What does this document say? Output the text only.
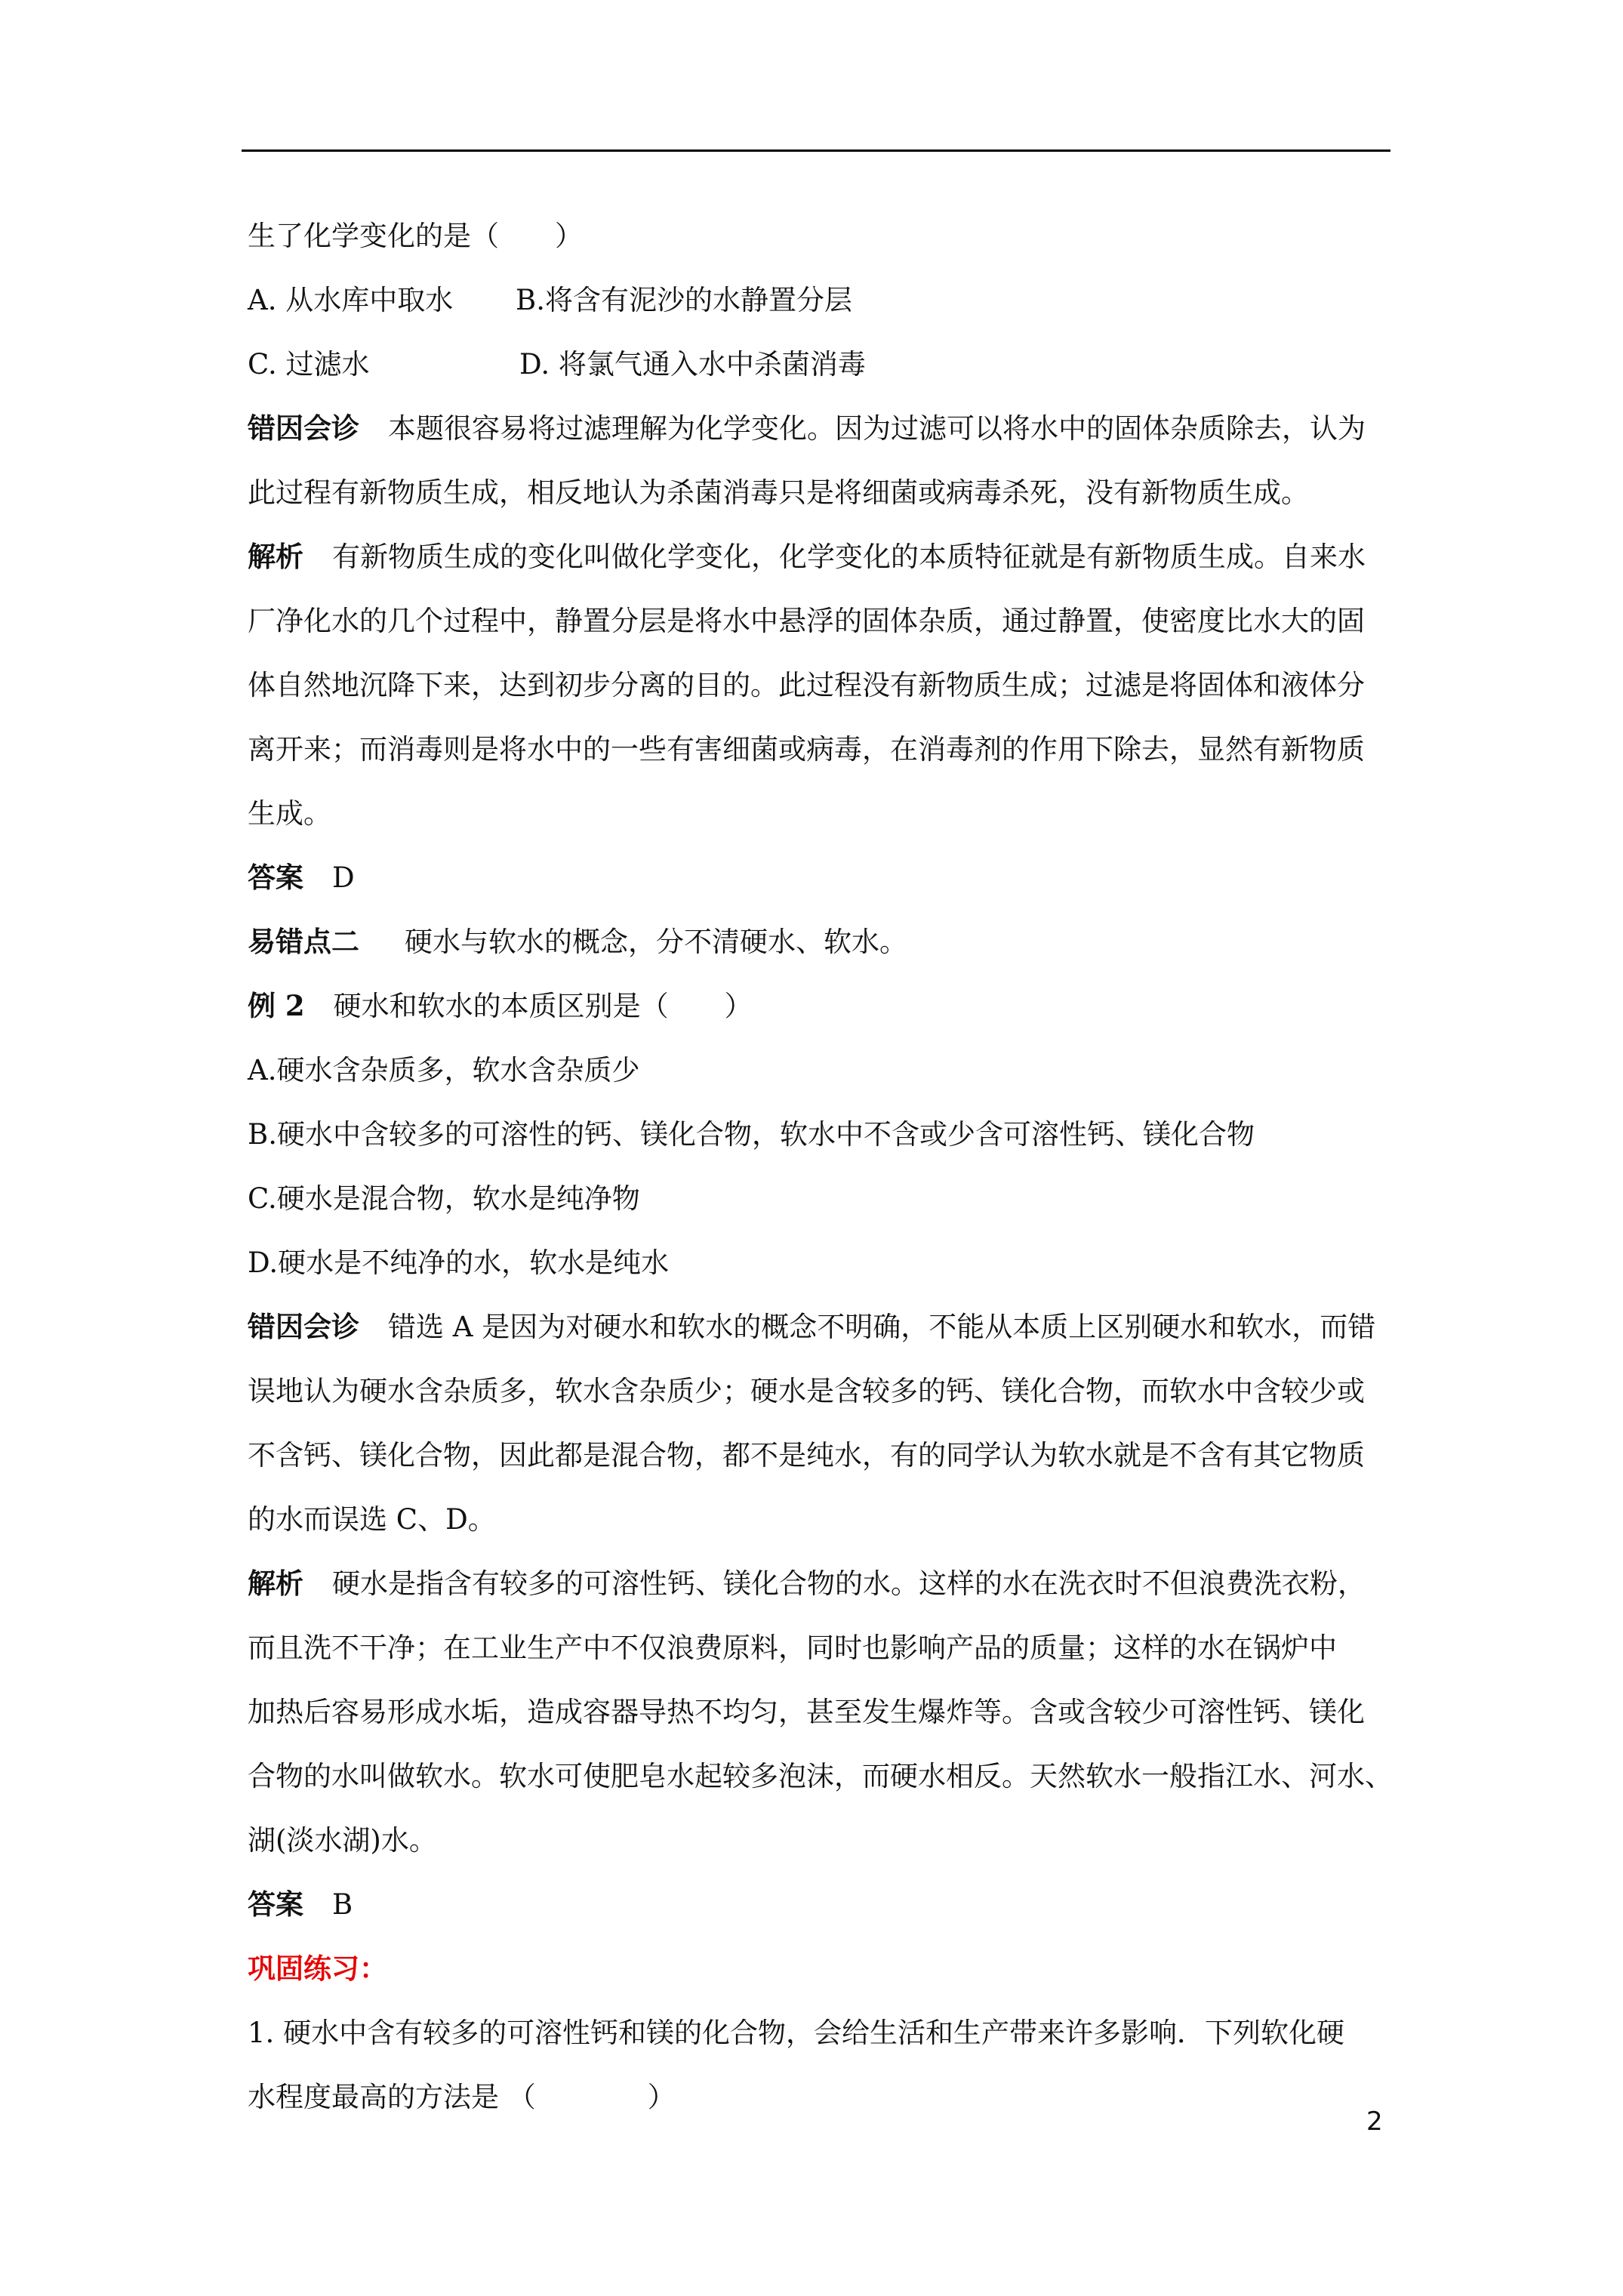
生了化学变化的是（　　）
A. 从水库中取水 B.将含有泥沙的水静置分层
C. 过滤水	D. 将氯气通入水中杀菌消毒
错因会诊 本题很容易将过滤理解为化学变化。因为过滤可以将水中的固体杂质除去，认为
此过程有新物质生成，相反地认为杀菌消毒只是将细菌或病毒杀死，没有新物质生成。
解析 有新物质生成的变化叫做化学变化，化学变化的本质特征就是有新物质生成。自来水
厂净化水的几个过程中，静置分层是将水中悬浮的固体杂质，通过静置，使密度比水大的固
体自然地沉降下来，达到初步分离的目的。此过程没有新物质生成；过滤是将固体和液体分
离开来；而消毒则是将水中的一些有害细菌或病毒，在消毒剂的作用下除去，显然有新物质
生成。
答案 D
易错点二 硬水与软水的概念，分不清硬水、软水。
例 2 硬水和软水的本质区别是（　　）
A.硬水含杂质多，软水含杂质少
B.硬水中含较多的可溶性的钙、镁化合物，软水中不含或少含可溶性钙、镁化合物
C.硬水是混合物，软水是纯净物
D.硬水是不纯净的水，软水是纯水
错因会诊 错选 A 是因为对硬水和软水的概念不明确，不能从本质上区别硬水和软水，而错
误地认为硬水含杂质多，软水含杂质少；硬水是含较多的钙、镁化合物，而软水中含较少或
不含钙、镁化合物，因此都是混合物，都不是纯水，有的同学认为软水就是不含有其它物质
的水而误选 C、D。
解析 硬水是指含有较多的可溶性钙、镁化合物的水。这样的水在洗衣时不但浪费洗衣粉，
而且洗不干净；在工业生产中不仅浪费原料，同时也影响产品的质量；这样的水在锅炉中
加热后容易形成水垢，造成容器导热不均匀，甚至发生爆炸等。含或含较少可溶性钙、镁化
合物的水叫做软水。软水可使肥皂水起较多泡沫，而硬水相反。天然软水一般指江水、河水、
湖(淡水湖)水。
答案 B
巩固练习：
1. 硬水中含有较多的可溶性钙和镁的化合物，会给生活和生产带来许多影响．下列软化硬
水程度最高的方法是 （　　　　）
2
